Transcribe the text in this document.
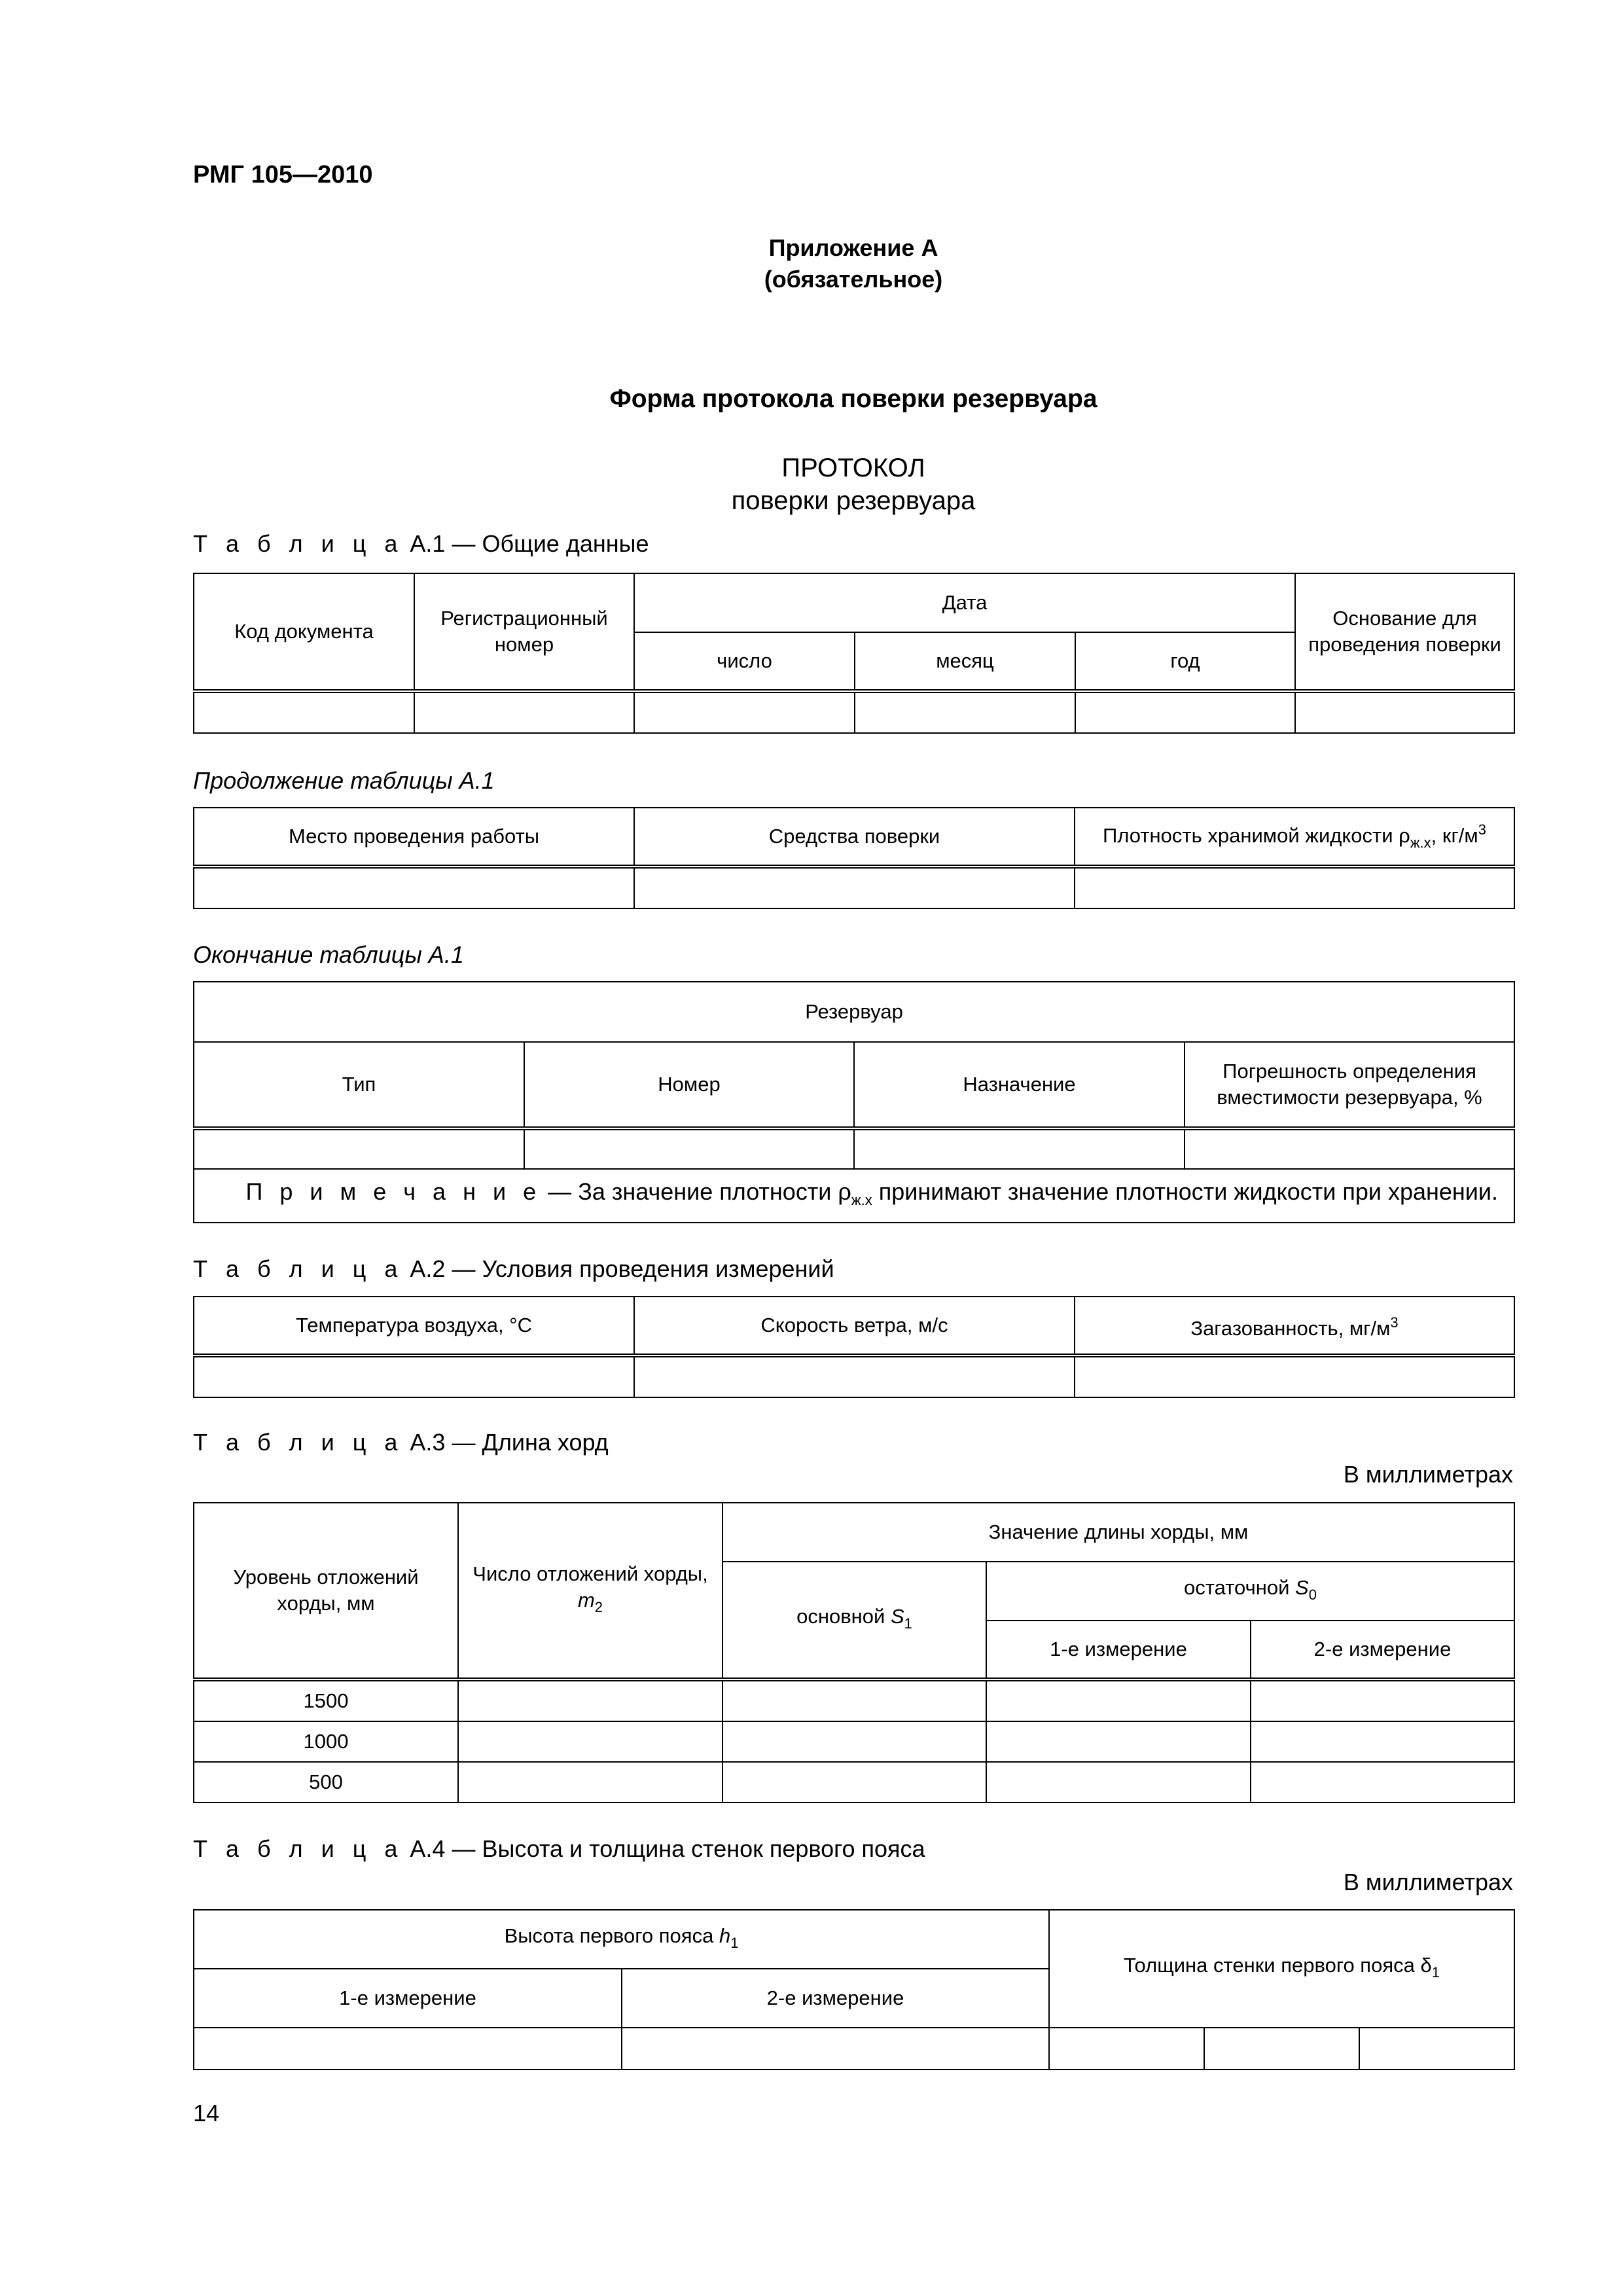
РМГ 105—2010
Приложение А
(обязательное)
Форма протокола поверки резервуара
ПРОТОКОЛ
поверки резервуара
Т а б л и ц а А.1 — Общие данные
Код документа	Регистрационный номер	Дата			Основание для проведения поверки
		число	месяц	год	

Продолжение таблицы А.1
Место проведения работы	Средства поверки	Плотность хранимой жидкости $\rho_{ж.х}$, $кг/м^3$

Окончание таблицы А.1
Резервуар			
Тип	Номер	Назначение	Погрешность определения вместимости резервуара, %

П р и м е ч а н и е — За значение плотности $\rho_{ж.х}$ принимают значение плотности жидкости при хранении.			
Т а б л и ц а А.2 — Условия проведения измерений
Температура воздуха, °С	Скорость ветра, м/с	Загазованность, $мг/м^3$

Т а б л и ц а А.3 — Длина хорд
В миллиметрах
Уровень отложений хорды, мм	Число отложений хорды, $m_2$	Значение длины хорды, мм		
		основной $S_1$	остаточной $S_0$
			1-е измерение	2-е измерение
1500				
1000				
500				
Т а б л и ц а А.4 — Высота и толщина стенок первого пояса
В миллиметрах
Высота первого пояса $h_1$		Толщина стенки первого пояса $\delta_1$
1-е измерение	2-е измерение			

14
